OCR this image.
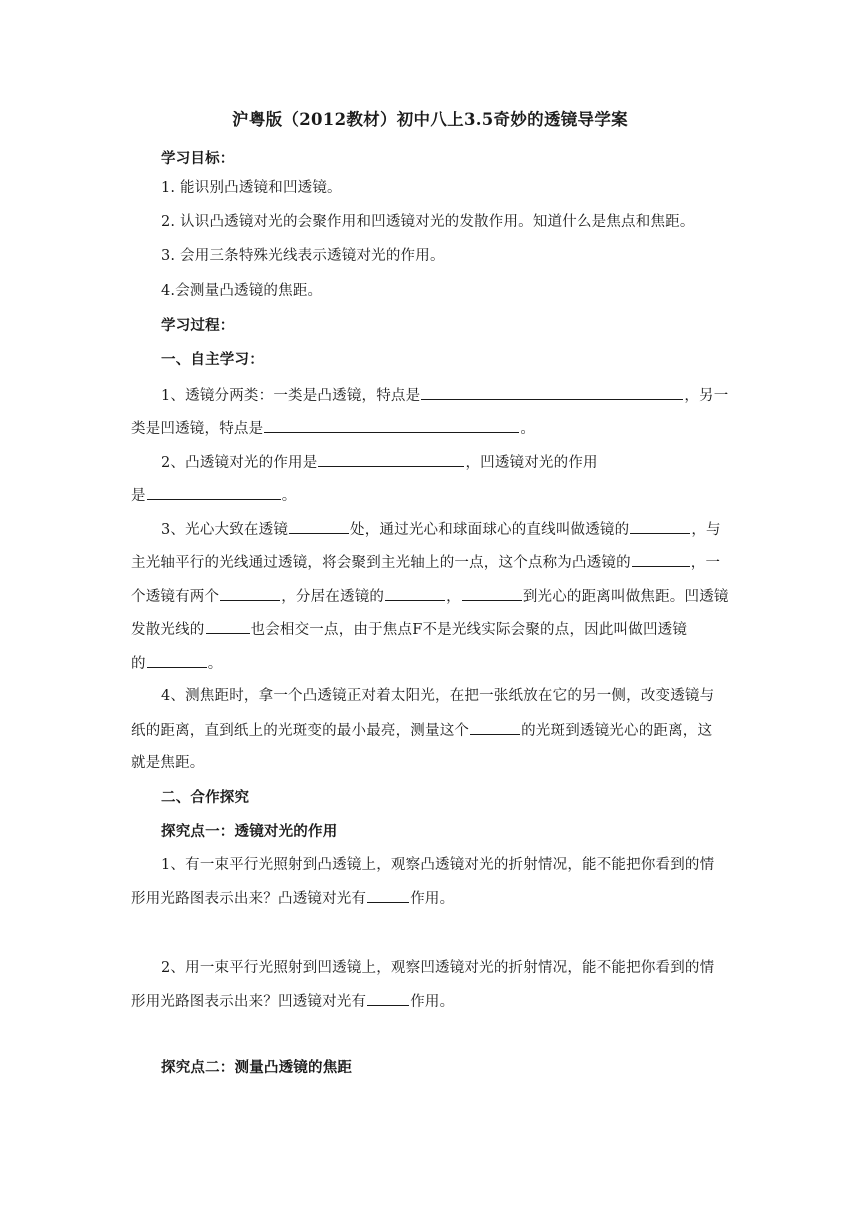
沪粤版（2012教材）初中八上3.5奇妙的透镜导学案
学习目标：
1. 能识别凸透镜和凹透镜。
2. 认识凸透镜对光的会聚作用和凹透镜对光的发散作用。知道什么是焦点和焦距。
3. 会用三条特殊光线表示透镜对光的作用。
4.会测量凸透镜的焦距。
学习过程：
一、自主学习：
1、透镜分两类：一类是凸透镜，特点是	，另一
类是凹透镜，特点是	。
2、凸透镜对光的作用是	，凹透镜对光的作用
是	。
3、光心大致在透镜	处，通过光心和球面球心的直线叫做透镜的	，与
主光轴平行的光线通过透镜，将会聚到主光轴上的一点，这个点称为凸透镜的	，一
个透镜有两个	，分居在透镜的	，	到光心的距离叫做焦距。凹透镜
发散光线的	也会相交一点，由于焦点F不是光线实际会聚的点，因此叫做凹透镜
的	。
4、测焦距时，拿一个凸透镜正对着太阳光，在把一张纸放在它的另一侧，改变透镜与
纸的距离，直到纸上的光斑变的最小最亮，测量这个	的光斑到透镜光心的距离，这
就是焦距。
二、合作探究
探究点一：透镜对光的作用
1、有一束平行光照射到凸透镜上，观察凸透镜对光的折射情况，能不能把你看到的情
形用光路图表示出来？凸透镜对光有	作用。
2、用一束平行光照射到凹透镜上，观察凹透镜对光的折射情况，能不能把你看到的情
形用光路图表示出来？凹透镜对光有	作用。
探究点二：测量凸透镜的焦距
